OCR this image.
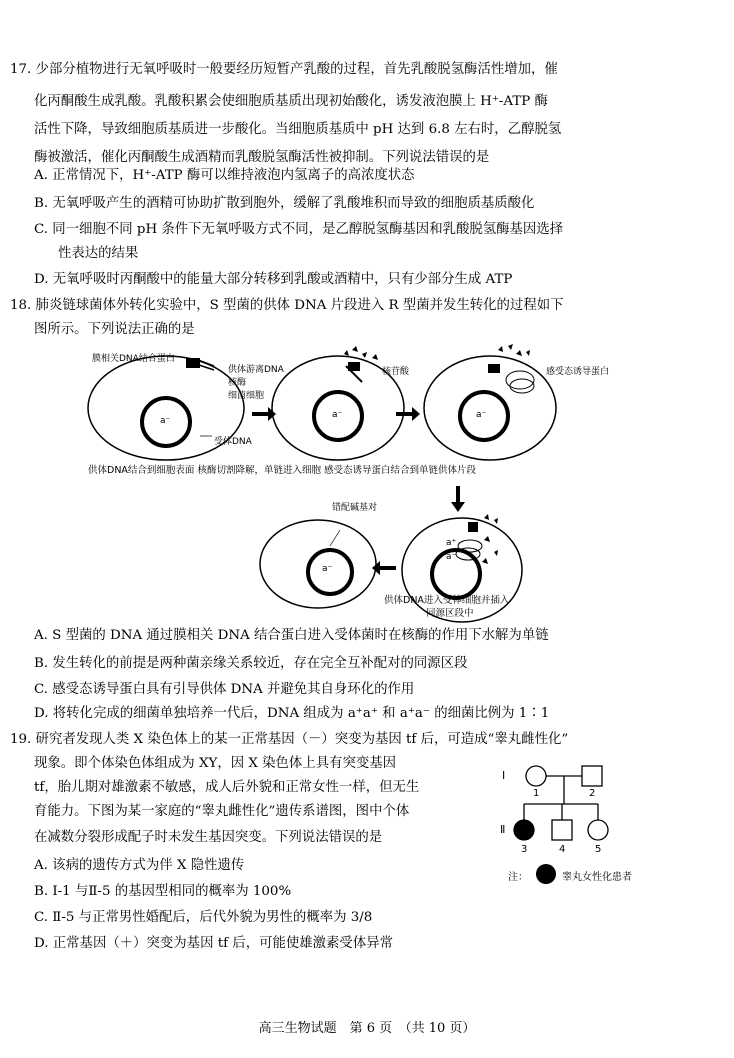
17. 少部分植物进行无氧呼吸时一般要经历短暂产乳酸的过程，首先乳酸脱氢酶活性增加，催
化丙酮酸生成乳酸。乳酸积累会使细胞质基质出现初始酸化，诱发液泡膜上 H⁺-ATP 酶
活性下降，导致细胞质基质进一步酸化。当细胞质基质中 pH 达到 6.8 左右时，乙醇脱氢
酶被激活，催化丙酮酸生成酒精而乳酸脱氢酶活性被抑制。下列说法错误的是
A. 正常情况下，H⁺-ATP 酶可以维持液泡内氢离子的高浓度状态
B. 无氧呼吸产生的酒精可协助扩散到胞外，缓解了乳酸堆积而导致的细胞质基质酸化
C. 同一细胞不同 pH 条件下无氧呼吸方式不同，是乙醇脱氢酶基因和乳酸脱氢酶基因选择
性表达的结果
D. 无氧呼吸时丙酮酸中的能量大部分转移到乳酸或酒精中，只有少部分生成 ATP
18. 肺炎链球菌体外转化实验中，S 型菌的供体 DNA 片段进入 R 型菌并发生转化的过程如下
图所示。下列说法正确的是
膜相关DNA结合蛋白
供体游离DNA
核酶
细菌细胞
受体DNA
a⁻
核苷酸
a⁻
感受态诱导蛋白
a⁻
供体DNA结合到细胞表面 核酶切割降解，单链进入细胞 感受态诱导蛋白结合到单链供体片段
错配碱基对
a⁻
a⁺
a⁻
供体DNA进入受体细胞并插入
同源区段中
A. S 型菌的 DNA 通过膜相关 DNA 结合蛋白进入受体菌时在核酶的作用下水解为单链
B. 发生转化的前提是两种菌亲缘关系较近，存在完全互补配对的同源区段
C. 感受态诱导蛋白具有引导供体 DNA 并避免其自身环化的作用
D. 将转化完成的细菌单独培养一代后，DNA 组成为 a⁺a⁺ 和 a⁺a⁻ 的细菌比例为 1∶1
19. 研究者发现人类 X 染色体上的某一正常基因（－）突变为基因 tf 后，可造成“睾丸雌性化”
现象。即个体染色体组成为 XY，因 X 染色体上具有突变基因
tf，胎儿期对雄激素不敏感，成人后外貌和正常女性一样，但无生
育能力。下图为某一家庭的“睾丸雌性化”遗传系谱图，图中个体
在减数分裂形成配子时未发生基因突变。下列说法错误的是
A. 该病的遗传方式为伴 X 隐性遗传
B. Ⅰ-1 与Ⅱ-5 的基因型相同的概率为 100%
C. Ⅱ-5 与正常男性婚配后，后代外貌为男性的概率为 3/8
D. 正常基因（＋）突变为基因 tf 后，可能使雄激素受体异常
Ⅰ
Ⅱ
1	2
3	4	5
注：	睾丸女性化患者
高三生物试题　第 6 页　（共 10 页）
